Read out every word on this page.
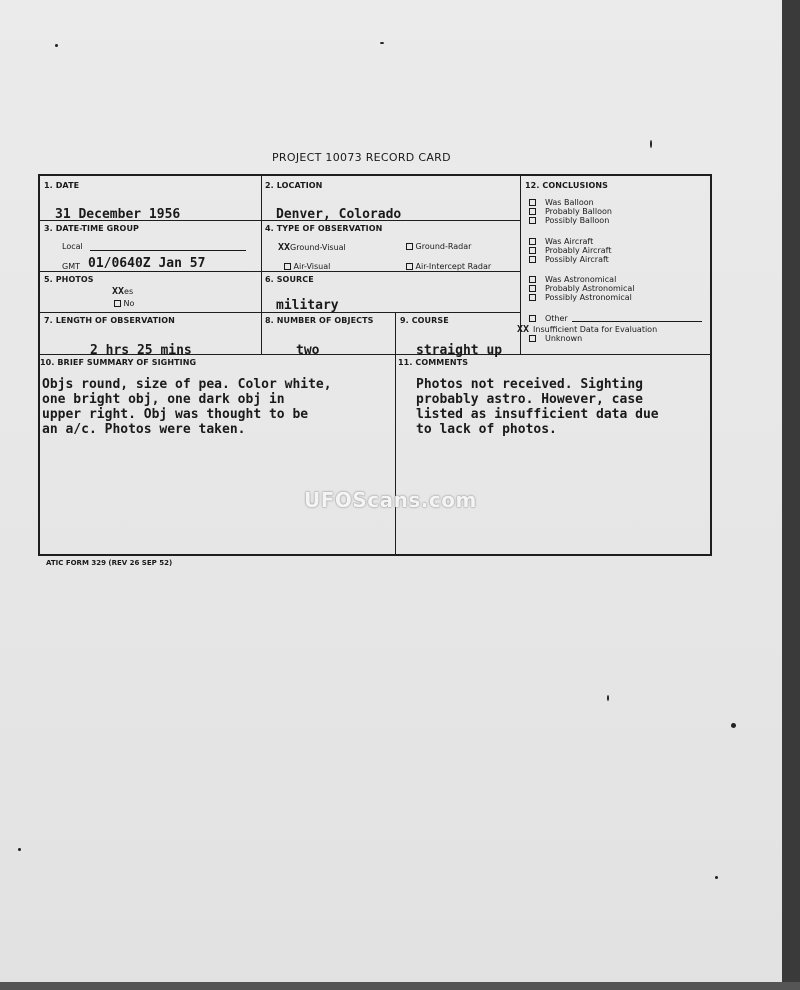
PROJECT 10073 RECORD CARD
1. DATE
31 December 1956
2. LOCATION
Denver, Colorado
3. DATE-TIME GROUP
Local
GMT 01/0640Z Jan 57
4. TYPE OF OBSERVATION
XXGround-Visual	Ground-Radar
Air-Visual	Air-Intercept Radar
5. PHOTOS
XXes
No
6. SOURCE
military
7. LENGTH OF OBSERVATION
2 hrs 25 mins
8. NUMBER OF OBJECTS
two
9. COURSE
straight up
10. BRIEF SUMMARY OF SIGHTING
Objs round, size of pea. Color white,
one bright obj, one dark obj in
upper right. Obj was thought to be
an a/c. Photos were taken.
11. COMMENTS
Photos not received. Sighting
probably astro. However, case
listed as insufficient data due
to lack of photos.
12. CONCLUSIONS
Was Balloon
Probably Balloon
Possibly Balloon
Was Aircraft
Probably Aircraft
Possibly Aircraft
Was Astronomical
Probably Astronomical
Possibly Astronomical
Other
XX Insufficient Data for Evaluation
Unknown
UFOScans.com
ATIC FORM 329 (REV 26 SEP 52)
